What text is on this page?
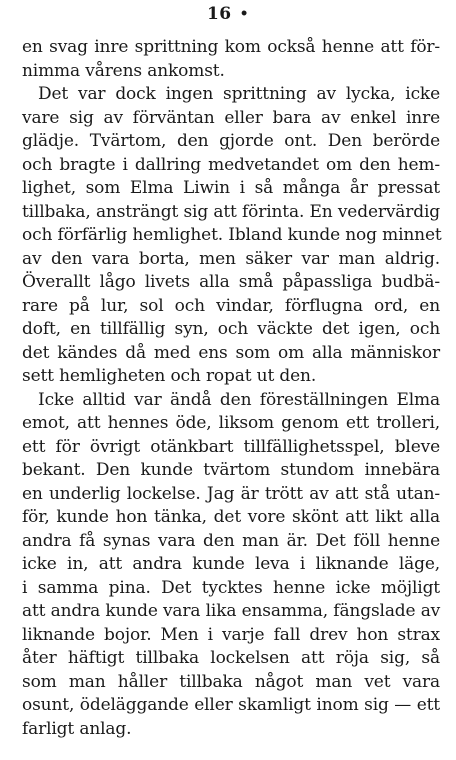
16 •
en svag inre sprittning kom också henne att för-
nimma vårens ankomst.
Det var dock ingen sprittning av lycka, icke
vare sig av förväntan eller bara av enkel inre
glädje. Tvärtom, den gjorde ont. Den berörde
och bragte i dallring medvetandet om den hem-
lighet, som Elma Liwin i så många år pressat
tillbaka, ansträngt sig att förinta. En vedervärdig
och förfärlig hemlighet. Ibland kunde nog minnet
av den vara borta, men säker var man aldrig.
Överallt lågo livets alla små påpassliga budbä-
rare på lur, sol och vindar, förflugna ord, en
doft, en tillfällig syn, och väckte det igen, och
det kändes då med ens som om alla människor
sett hemligheten och ropat ut den.
Icke alltid var ändå den föreställningen Elma
emot, att hennes öde, liksom genom ett trolleri,
ett för övrigt otänkbart tillfällighetsspel, bleve
bekant. Den kunde tvärtom stundom innebära
en underlig lockelse. Jag är trött av att stå utan-
för, kunde hon tänka, det vore skönt att likt alla
andra få synas vara den man är. Det föll henne
icke in, att andra kunde leva i liknande läge,
i samma pina. Det tycktes henne icke möjligt
att andra kunde vara lika ensamma, fängslade av
liknande bojor. Men i varje fall drev hon strax
åter häftigt tillbaka lockelsen att röja sig, så
som man håller tillbaka något man vet vara
osunt, ödeläggande eller skamligt inom sig — ett
farligt anlag.
